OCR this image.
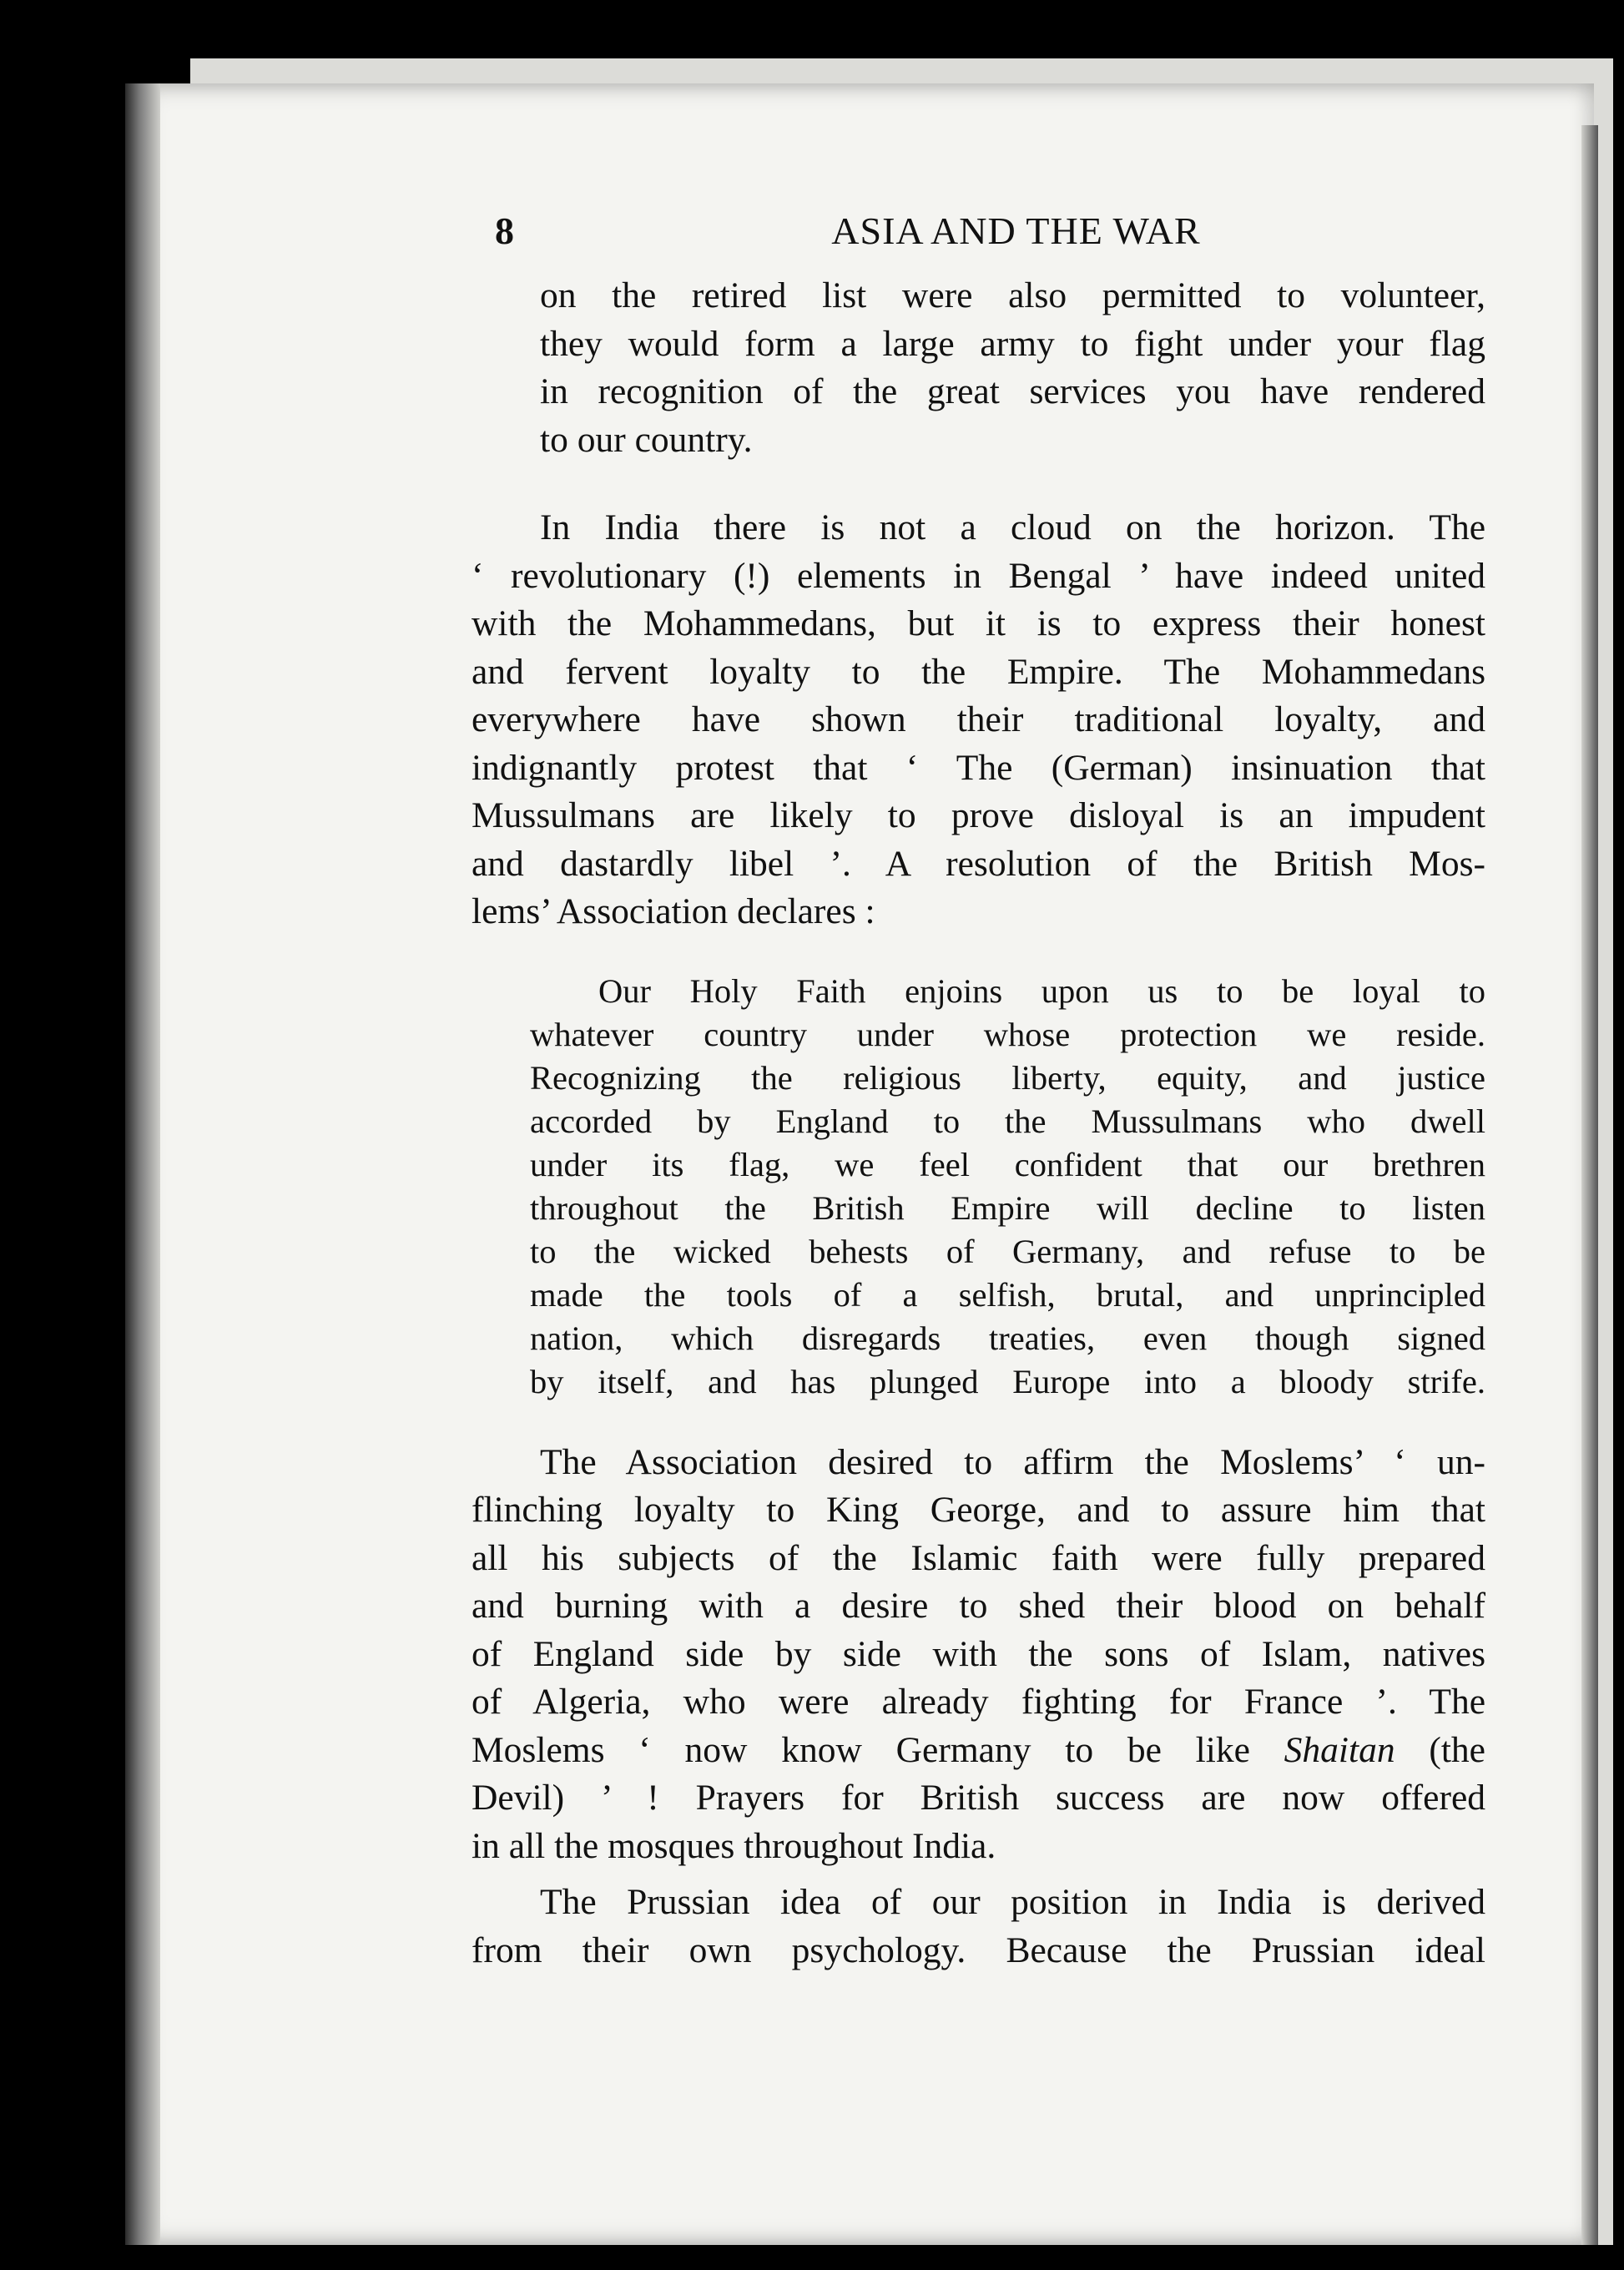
8	ASIA AND THE WAR

on the retired list were also permitted to volunteer,
they would form a large army to fight under your flag
in recognition of the great services you have rendered
to our country.

In India there is not a cloud on the horizon. The
‘ revolutionary (!) elements in Bengal ’ have indeed united
with the Mohammedans, but it is to express their honest
and fervent loyalty to the Empire. The Mohammedans
everywhere have shown their traditional loyalty, and
indignantly protest that ‘ The (German) insinuation that
Mussulmans are likely to prove disloyal is an impudent
and dastardly libel ’. A resolution of the British Mos-
lems’ Association declares :

Our Holy Faith enjoins upon us to be loyal to
whatever country under whose protection we reside.
Recognizing the religious liberty, equity, and justice
accorded by England to the Mussulmans who dwell
under its flag, we feel confident that our brethren
throughout the British Empire will decline to listen
to the wicked behests of Germany, and refuse to be
made the tools of a selfish, brutal, and unprincipled
nation, which disregards treaties, even though signed
by itself, and has plunged Europe into a bloody strife.

The Association desired to affirm the Moslems’ ‘ un-
flinching loyalty to King George, and to assure him that
all his subjects of the Islamic faith were fully prepared
and burning with a desire to shed their blood on behalf
of England side by side with the sons of Islam, natives
of Algeria, who were already fighting for France ’. The
Moslems ‘ now know Germany to be like Shaitan (the
Devil) ’ ! Prayers for British success are now offered
in all the mosques throughout India.

The Prussian idea of our position in India is derived
from their own psychology. Because the Prussian ideal
